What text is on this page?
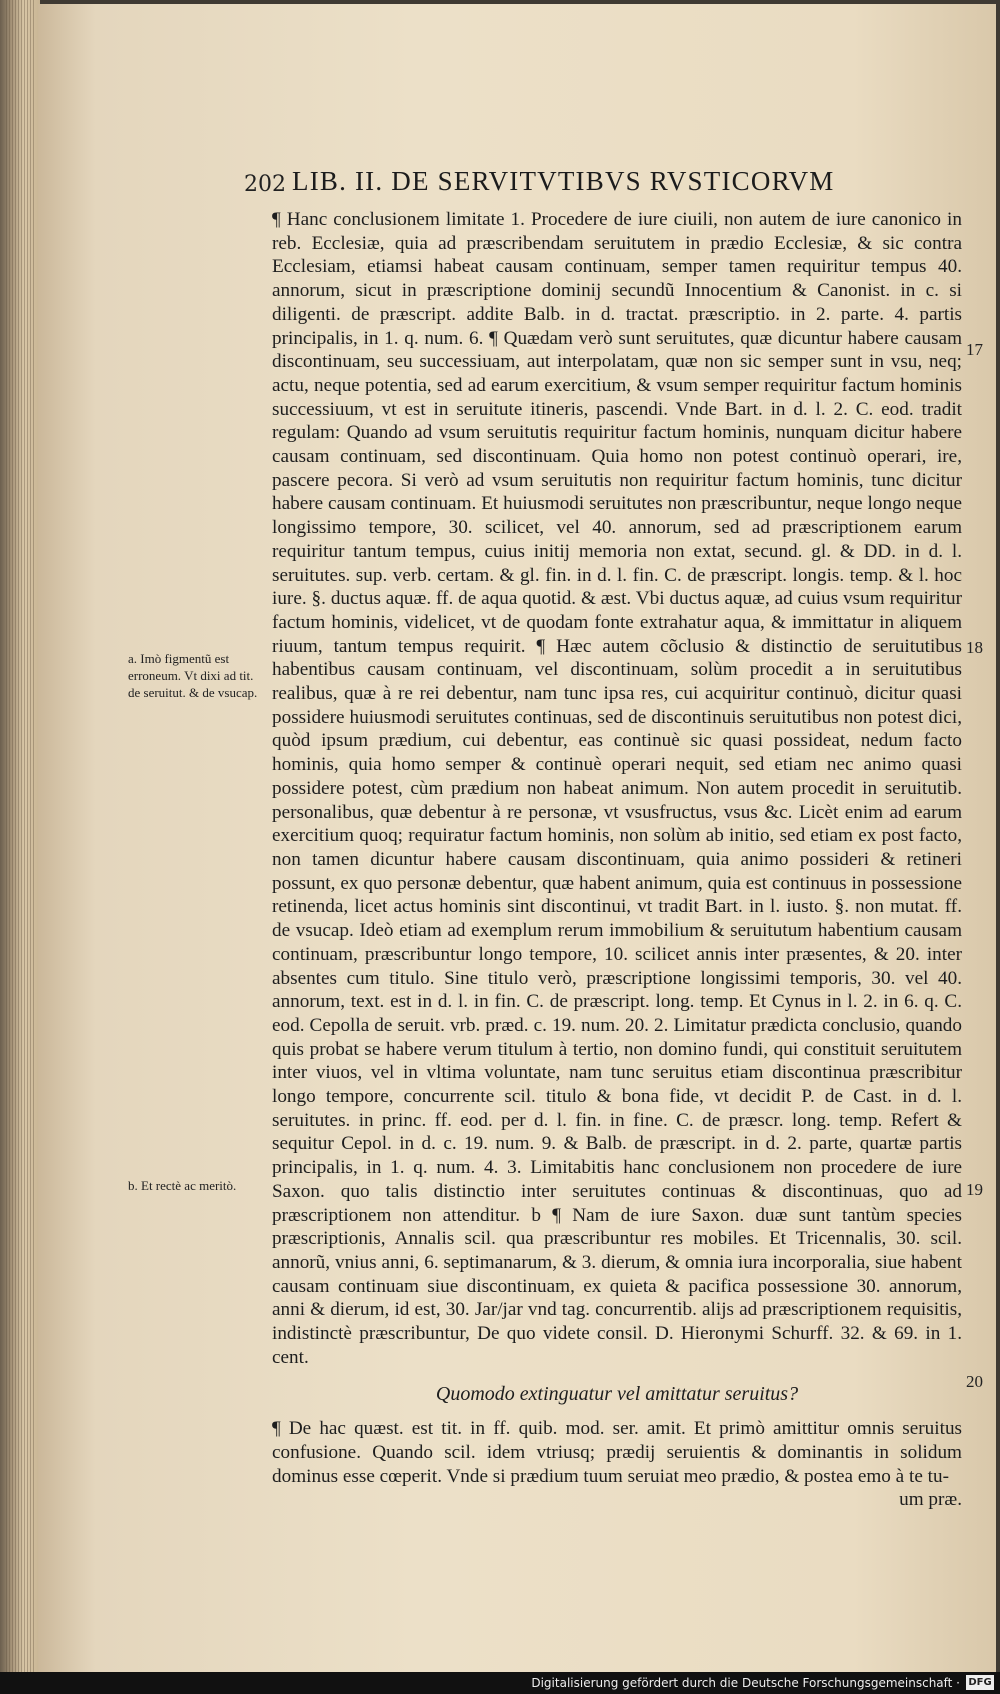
202 LIB. II. DE SERVITVTIBVS RVSTICORVM

¶ Hanc conclusionem limitate 1. Procedere de iure ciuili, non autem de iure canonico in reb. Ecclesiæ, quia ad præscribendam seruitutem in prædio Ecclesiæ, & sic contra Ecclesiam, etiamsi habeat causam continuam, semper tamen requiritur tempus 40. annorum, sicut in præscriptione dominij secundũ Innocentium & Canonist. in c. si diligenti. de præscript. addite Balb. in d. tractat. præscriptio. in 2. parte. 4. partis principalis, in 1. q. num. 6. ¶ Quædam verò sunt seruitutes, quæ dicuntur habere causam discontinuam, seu successiuam, aut interpolatam, quæ non sic semper sunt in vsu, neq; actu, neque potentia, sed ad earum exercitium, & vsum semper requiritur factum hominis successiuum, vt est in seruitute itineris, pascendi. Vnde Bart. in d. l. 2. C. eod. tradit regulam: Quando ad vsum seruitutis requiritur factum hominis, nunquam dicitur habere causam continuam, sed discontinuam. Quia homo non potest continuò operari, ire, pascere pecora. Si verò ad vsum seruitutis non requiritur factum hominis, tunc dicitur habere causam continuam. Et huiusmodi seruitutes non præscribuntur, neque longo neque longissimo tempore, 30. scilicet, vel 40. annorum, sed ad præscriptionem earum requiritur tantum tempus, cuius initij memoria non extat, secund. gl. & DD. in d. l. seruitutes. sup. verb. certam. & gl. fin. in d. l. fin. C. de præscript. longis. temp. & l. hoc iure. §. ductus aquæ. ff. de aqua quotid. & æst. Vbi ductus aquæ, ad cuius vsum requiritur factum hominis, videlicet, vt de quodam fonte extrahatur aqua, & immittatur in aliquem riuum, tantum tempus requirit. ¶ Hæc autem cõclusio & distinctio de seruitutibus habentibus causam continuam, vel discontinuam, solùm procedit a in seruitutibus realibus, quæ à re rei debentur, nam tunc ipsa res, cui acquiritur continuò, dicitur quasi possidere huiusmodi seruitutes continuas, sed de discontinuis seruitutibus non potest dici, quòd ipsum prædium, cui debentur, eas continuè sic quasi possideat, nedum facto hominis, quia homo semper & continuè operari nequit, sed etiam nec animo quasi possidere potest, cùm prædium non habeat animum. Non autem procedit in seruitutib. personalibus, quæ debentur à re personæ, vt vsusfructus, vsus &c. Licèt enim ad earum exercitium quoq; requiratur factum hominis, non solùm ab initio, sed etiam ex post facto, non tamen dicuntur habere causam discontinuam, quia animo possideri & retineri possunt, ex quo personæ debentur, quæ habent animum, quia est continuus in possessione retinenda, licet actus hominis sint discontinui, vt tradit Bart. in l. iusto. §. non mutat. ff. de vsucap. Ideò etiam ad exemplum rerum immobilium & seruitutum habentium causam continuam, præscribuntur longo tempore, 10. scilicet annis inter præsentes, & 20. inter absentes cum titulo. Sine titulo verò, præscriptione longissimi temporis, 30. vel 40. annorum, text. est in d. l. in fin. C. de præscript. long. temp. Et Cynus in l. 2. in 6. q. C. eod. Cepolla de seruit. vrb. præd. c. 19. num. 20. 2. Limitatur prædicta conclusio, quando quis probat se habere verum titulum à tertio, non domino fundi, qui constituit seruitutem inter viuos, vel in vltima voluntate, nam tunc seruitus etiam discontinua præscribitur longo tempore, concurrente scil. titulo & bona fide, vt decidit P. de Cast. in d. l. seruitutes. in princ. ff. eod. per d. l. fin. in fine. C. de præscr. long. temp. Refert & sequitur Cepol. in d. c. 19. num. 9. & Balb. de præscript. in d. 2. parte, quartæ partis principalis, in 1. q. num. 4. 3. Limitabitis hanc conclusionem non procedere de iure Saxon. quo talis distinctio inter seruitutes continuas & discontinuas, quo ad præscriptionem non attenditur. b ¶ Nam de iure Saxon. duæ sunt tantùm species præscriptionis, Annalis scil. qua præscribuntur res mobiles. Et Tricennalis, 30. scil. annorũ, vnius anni, 6. septimanarum, & 3. dierum, & omnia iura incorporalia, siue habent causam continuam siue discontinuam, ex quieta & pacifica possessione 30. annorum, anni & dierum, id est, 30. Jar/jar vnd tag. concurrentib. alijs ad præscriptionem requisitis, indistinctè præscribuntur, De quo videte consil. D. Hieronymi Schurff. 32. & 69. in 1. cent.

Quomodo extinguatur vel amittatur seruitus?

¶ De hac quæst. est tit. in ff. quib. mod. ser. amit. Et primò amittitur omnis seruitus confusione. Quando scil. idem vtriusq; prædij seruientis & dominantis in solidum dominus esse cœperit. Vnde si prædium tuum seruiat meo prædio, & postea emo à te tu-

um præ.

a. Imò figmentũ est erroneum. Vt dixi ad tit. de seruitut. & de vsucap.
b. Et rectè ac meritò.
17
18
19
20
Digitalisierung gefördert durch die Deutsche Forschungsgemeinschaft · DFG
